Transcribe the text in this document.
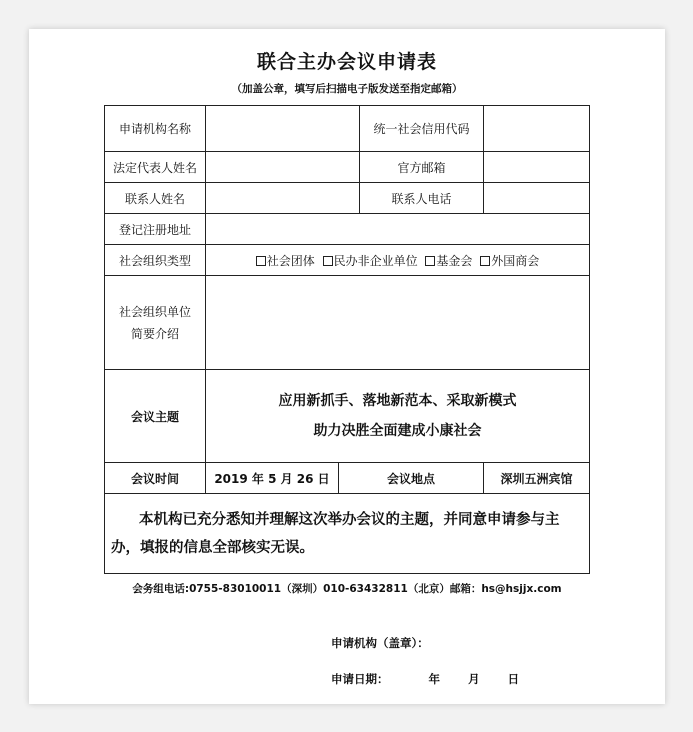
联合主办会议申请表
（加盖公章，填写后扫描电子版发送至指定邮箱）
申请机构名称			统一社会信用代码	
法定代表人姓名			官方邮箱	
联系人姓名			联系人电话	
登记注册地址				
社会组织类型	社会团体 民办非企业单位 基金会 外国商会			

社会组织单位
简要介绍				

会议主题	应用新抓手、落地新范本、采取新模式
助力决胜全面建成小康社会			

会议时间	2019 年 5 月 26 日	会议地点		深圳五洲宾馆
本机构已充分悉知并理解这次举办会议的主题，并同意申请参与主办，填报的信息全部核实无误。				
会务组电话:0755-83010011（深圳）010-63432811（北京）邮箱：hs@hsjjx.com
申请机构（盖章）：
申请日期：	年 月 日
